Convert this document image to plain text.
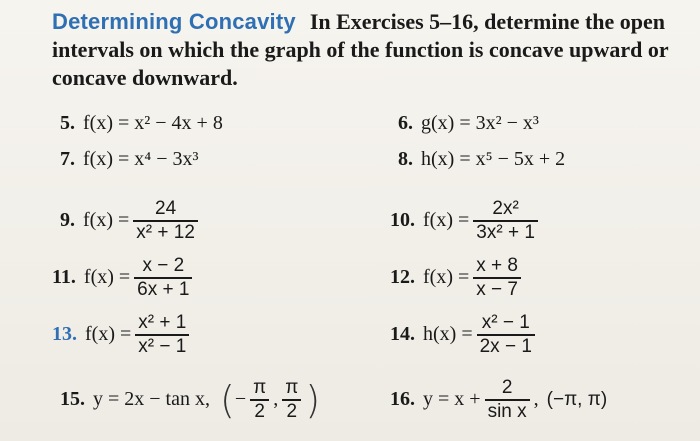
Determining Concavity In Exercises 5–16, determine the open intervals on which the graph of the function is concave upward or concave downward.
5. f(x) = x² − 4x + 8	6. g(x) = 3x² − x³
7. f(x) = x⁴ − 3x³	8. h(x) = x⁵ − 5x + 2
9. $f(x) = \frac{24}{\text{x² + 12}}$	10. $f(x) = \frac{\text{2x²}}{\text{3x² + 1}}$
11. $f(x) = \frac{x - 2}{6x + 1}$	12. $f(x) = \frac{x + 8}{x - 7}$
13. $f(x) = \frac{\text{x² + 1}}{\text{x² − 1}}$	14. $h(x) = \frac{\text{x² − 1}}{2x - 1}$
15. y = 2x − tan x, ( − $\frac{\pi}{2}$ , $\frac{\pi}{2}$ )	16. $y = x + \frac{2}{\text{sin x}}$ , (−π, π)
